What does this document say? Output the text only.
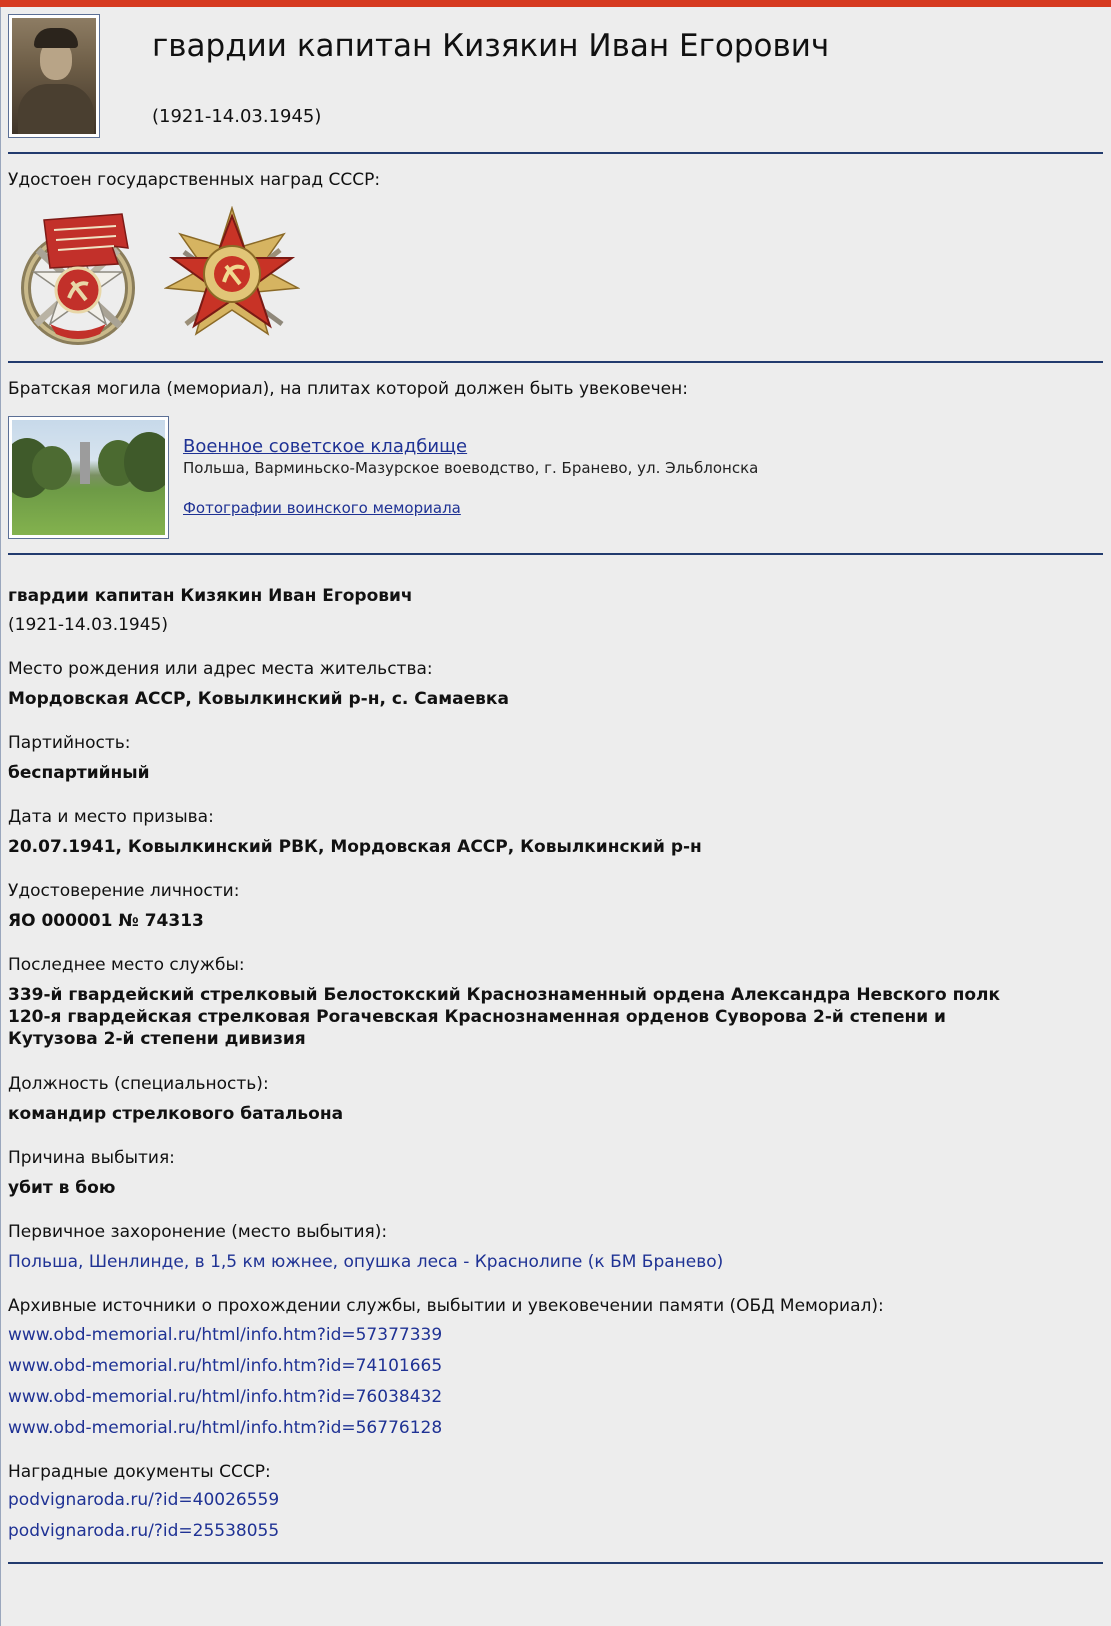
гвардии капитан Кизякин Иван Егорович
(1921-14.03.1945)
Удостоен государственных наград СССР:
Братская могила (мемориал), на плитах которой должен быть увековечен:
Военное советское кладбище
Польша, Варминьско-Мазурское воеводство, г. Бранево, ул. Эльблонска
Фотографии воинского мемориала
гвардии капитан Кизякин Иван Егорович
(1921-14.03.1945)
Место рождения или адрес места жительства:
Мордовская АССР, Ковылкинский р-н, с. Самаевка
Партийность:
беспартийный
Дата и место призыва:
20.07.1941, Ковылкинский РВК, Мордовская АССР, Ковылкинский р-н
Удостоверение личности:
ЯО 000001 № 74313
Последнее место службы:
339-й гвардейский стрелковый Белостокский Краснознаменный ордена Александра Невского полк
120-я гвардейская стрелковая Рогачевская Краснознаменная орденов Суворова 2-й степени и
Кутузова 2-й степени дивизия
Должность (специальность):
командир стрелкового батальона
Причина выбытия:
убит в бою
Первичное захоронение (место выбытия):
Польша, Шенлинде, в 1,5 км южнее, опушка леса - Краснолипе (к БМ Бранево)
Архивные источники о прохождении службы, выбытии и увековечении памяти (ОБД Мемориал):
www.obd-memorial.ru/html/info.htm?id=57377339
www.obd-memorial.ru/html/info.htm?id=74101665
www.obd-memorial.ru/html/info.htm?id=76038432
www.obd-memorial.ru/html/info.htm?id=56776128
Наградные документы СССР:
podvignaroda.ru/?id=40026559
podvignaroda.ru/?id=25538055
